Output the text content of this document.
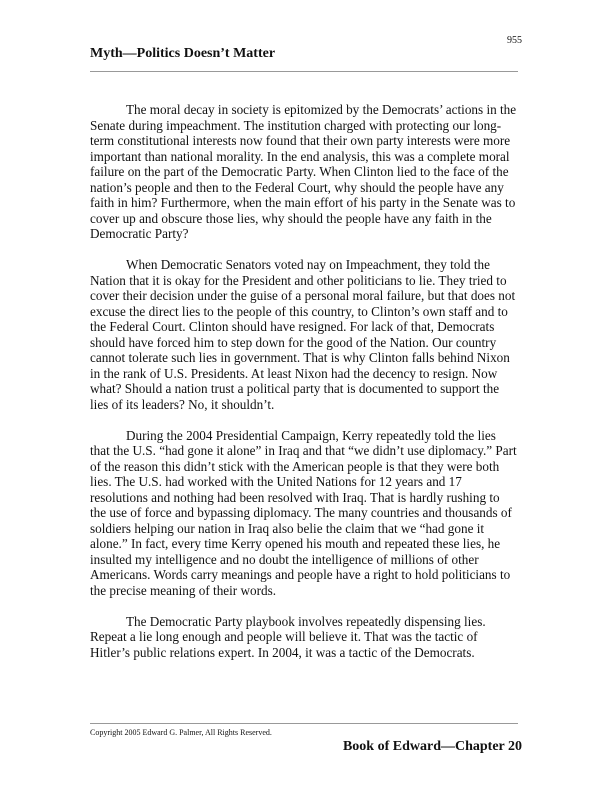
955
Myth—Politics Doesn’t Matter

The moral decay in society is epitomized by the Democrats’ actions in the Senate during impeachment. The institution charged with protecting our long-term constitutional interests now found that their own party interests were more important than national morality. In the end analysis, this was a complete moral failure on the part of the Democratic Party. When Clinton lied to the face of the nation’s people and then to the Federal Court, why should the people have any faith in him? Furthermore, when the main effort of his party in the Senate was to cover up and obscure those lies, why should the people have any faith in the Democratic Party?

When Democratic Senators voted nay on Impeachment, they told the Nation that it is okay for the President and other politicians to lie. They tried to cover their decision under the guise of a personal moral failure, but that does not excuse the direct lies to the people of this country, to Clinton’s own staff and to the Federal Court. Clinton should have resigned. For lack of that, Democrats should have forced him to step down for the good of the Nation. Our country cannot tolerate such lies in government. That is why Clinton falls behind Nixon in the rank of U.S. Presidents. At least Nixon had the decency to resign. Now what? Should a nation trust a political party that is documented to support the lies of its leaders? No, it shouldn’t.

During the 2004 Presidential Campaign, Kerry repeatedly told the lies that the U.S. “had gone it alone” in Iraq and that “we didn’t use diplomacy.” Part of the reason this didn’t stick with the American people is that they were both lies. The U.S. had worked with the United Nations for 12 years and 17 resolutions and nothing had been resolved with Iraq. That is hardly rushing to the use of force and bypassing diplomacy. The many countries and thousands of soldiers helping our nation in Iraq also belie the claim that we “had gone it alone.” In fact, every time Kerry opened his mouth and repeated these lies, he insulted my intelligence and no doubt the intelligence of millions of other Americans. Words carry meanings and people have a right to hold politicians to the precise meaning of their words.

The Democratic Party playbook involves repeatedly dispensing lies. Repeat a lie long enough and people will believe it. That was the tactic of Hitler’s public relations expert. In 2004, it was a tactic of the Democrats.

Copyright 2005 Edward G. Palmer, All Rights Reserved.
Book of Edward—Chapter 20
